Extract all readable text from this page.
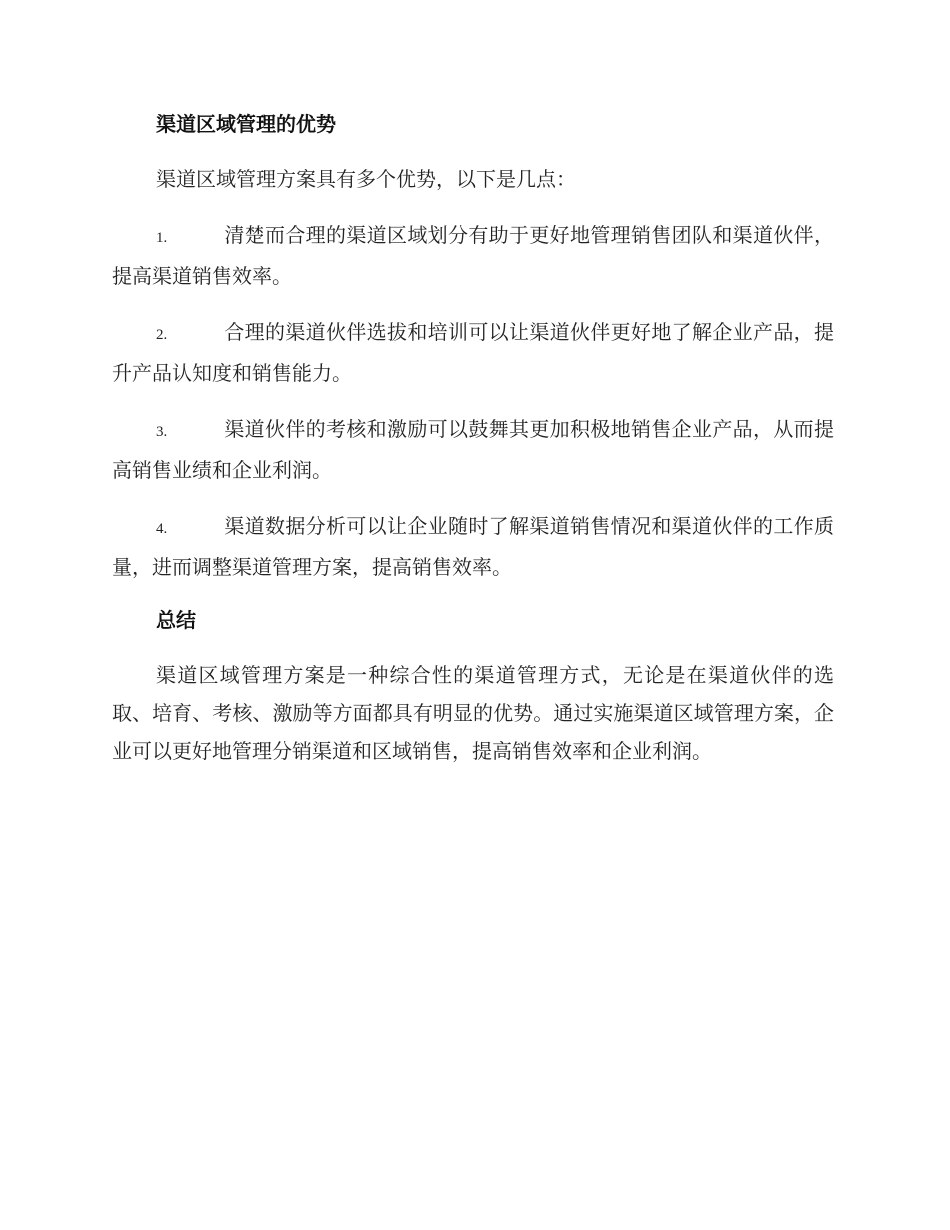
渠道区域管理的优势

渠道区域管理方案具有多个优势，以下是几点：

1.	清楚而合理的渠道区域划分有助于更好地管理销售团队和渠道伙伴，提高渠道销售效率。
2.	合理的渠道伙伴选拔和培训可以让渠道伙伴更好地了解企业产品，提升产品认知度和销售能力。
3.	渠道伙伴的考核和激励可以鼓舞其更加积极地销售企业产品，从而提高销售业绩和企业利润。
4.	渠道数据分析可以让企业随时了解渠道销售情况和渠道伙伴的工作质量，进而调整渠道管理方案，提高销售效率。
总结

渠道区域管理方案是一种综合性的渠道管理方式，无论是在渠道伙伴的选取、培育、考核、激励等方面都具有明显的优势。通过实施渠道区域管理方案，企业可以更好地管理分销渠道和区域销售，提高销售效率和企业利润。
